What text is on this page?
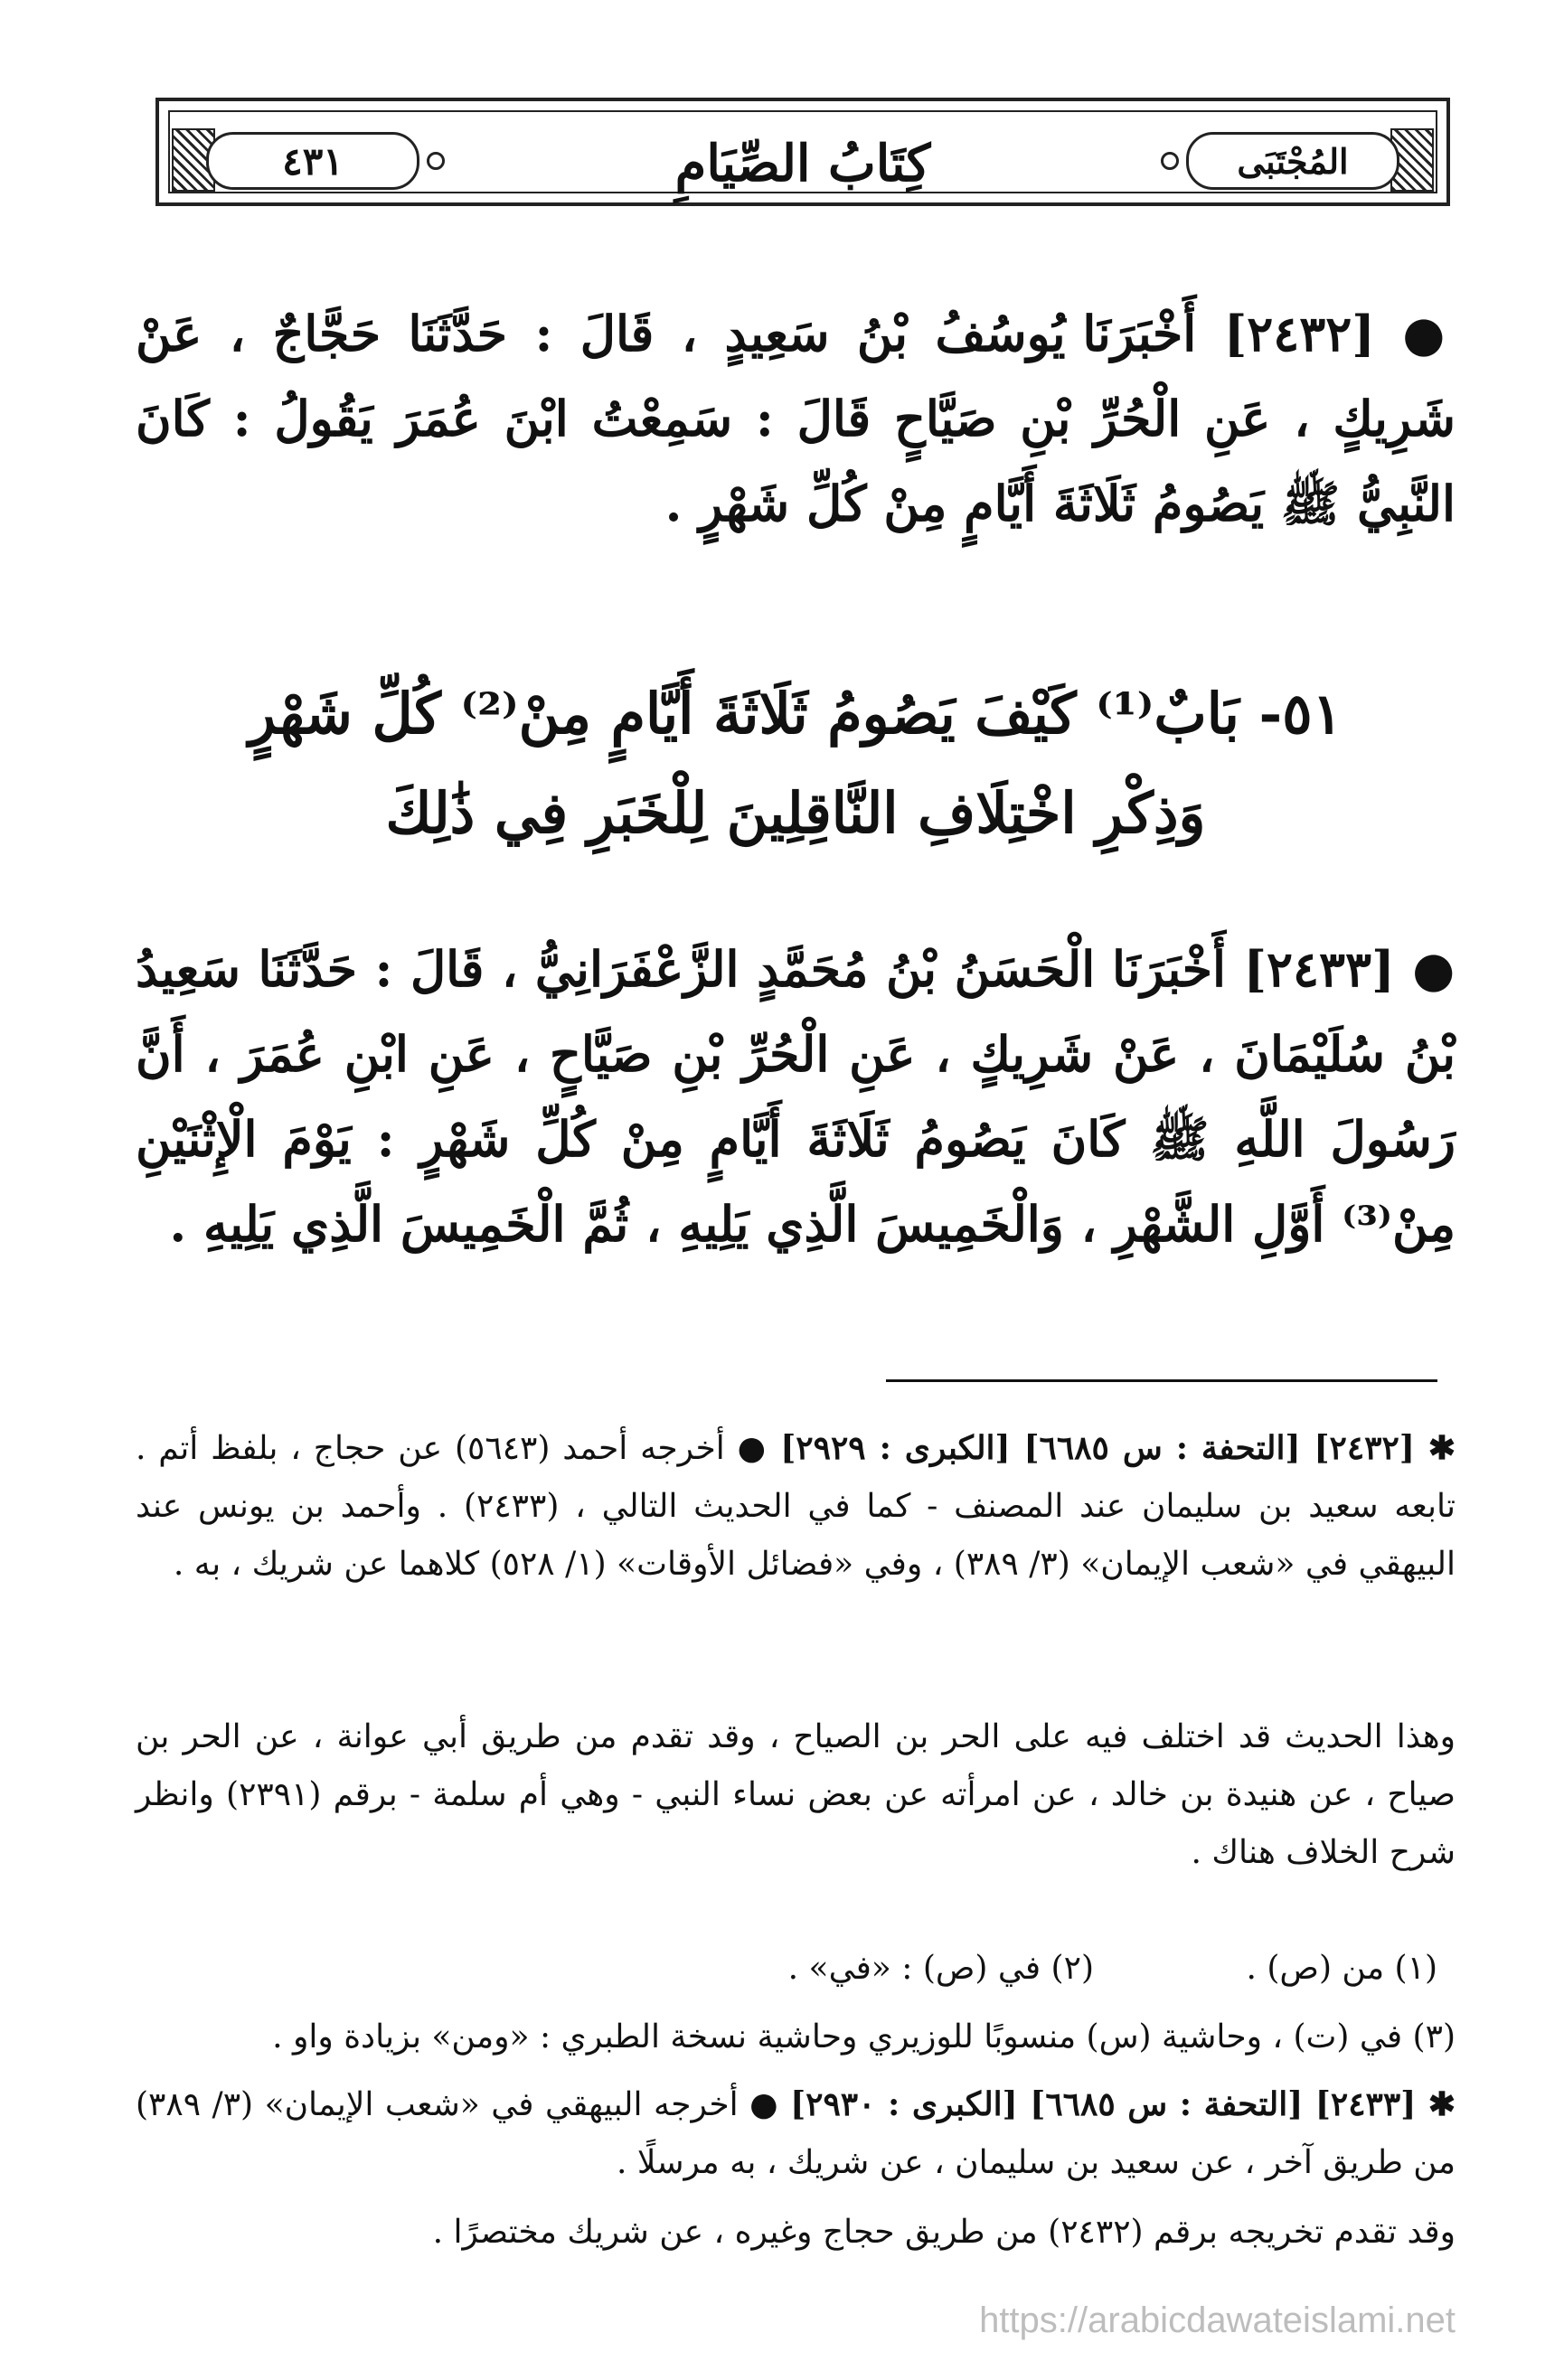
٤٣١	كِتَابُ الصِّيَامِ	المُجْتَبَى
● [٢٤٣٢] أَخْبَرَنَا يُوسُفُ بْنُ سَعِيدٍ ، قَالَ : حَدَّثَنَا حَجَّاجٌ ، عَنْ شَرِيكٍ ، عَنِ الْحُرِّ بْنِ صَيَّاحٍ قَالَ : سَمِعْتُ ابْنَ عُمَرَ يَقُولُ : كَانَ النَّبِيُّ ﷺ يَصُومُ ثَلَاثَةَ أَيَّامٍ مِنْ كُلِّ شَهْرٍ .
٥١- بَابٌ⁽¹⁾ كَيْفَ يَصُومُ ثَلَاثَةَ أَيَّامٍ مِنْ⁽²⁾ كُلِّ شَهْرٍ
وَذِكْرِ اخْتِلَافِ النَّاقِلِينَ لِلْخَبَرِ فِي ذَٰلِكَ
● [٢٤٣٣] أَخْبَرَنَا الْحَسَنُ بْنُ مُحَمَّدٍ الزَّعْفَرَانِيُّ ، قَالَ : حَدَّثَنَا سَعِيدُ بْنُ سُلَيْمَانَ ، عَنْ شَرِيكٍ ، عَنِ الْحُرِّ بْنِ صَيَّاحٍ ، عَنِ ابْنِ عُمَرَ ، أَنَّ رَسُولَ اللَّهِ ﷺ كَانَ يَصُومُ ثَلَاثَةَ أَيَّامٍ مِنْ كُلِّ شَهْرٍ : يَوْمَ الْإِثْنَيْنِ مِنْ⁽³⁾ أَوَّلِ الشَّهْرِ ، وَالْخَمِيسَ الَّذِي يَلِيهِ ، ثُمَّ الْخَمِيسَ الَّذِي يَلِيهِ .
✱ [٢٤٣٢] [التحفة : س ٦٦٨٥] [الكبرى : ٢٩٢٩] ● أخرجه أحمد (٥٦٤٣) عن حجاج ، بلفظ أتم . تابعه سعيد بن سليمان عند المصنف - كما في الحديث التالي ، (٢٤٣٣) . وأحمد بن يونس عند البيهقي في «شعب الإيمان» (٣/ ٣٨٩) ، وفي «فضائل الأوقات» (١/ ٥٢٨) كلاهما عن شريك ، به .
وهذا الحديث قد اختلف فيه على الحر بن الصياح ، وقد تقدم من طريق أبي عوانة ، عن الحر بن صياح ، عن هنيدة بن خالد ، عن امرأته عن بعض نساء النبي - وهي أم سلمة - برقم (٢٣٩١) وانظر شرح الخلاف هناك .
(١) من (ص) .
(٢) في (ص) : «في» .
(٣) في (ت) ، وحاشية (س) منسوبًا للوزيري وحاشية نسخة الطبري : «ومن» بزيادة واو .
✱ [٢٤٣٣] [التحفة : س ٦٦٨٥] [الكبرى : ٢٩٣٠] ● أخرجه البيهقي في «شعب الإيمان» (٣/ ٣٨٩) من طريق آخر ، عن سعيد بن سليمان ، عن شريك ، به مرسلًا .
وقد تقدم تخريجه برقم (٢٤٣٢) من طريق حجاج وغيره ، عن شريك مختصرًا .
https://arabicdawateislami.net
